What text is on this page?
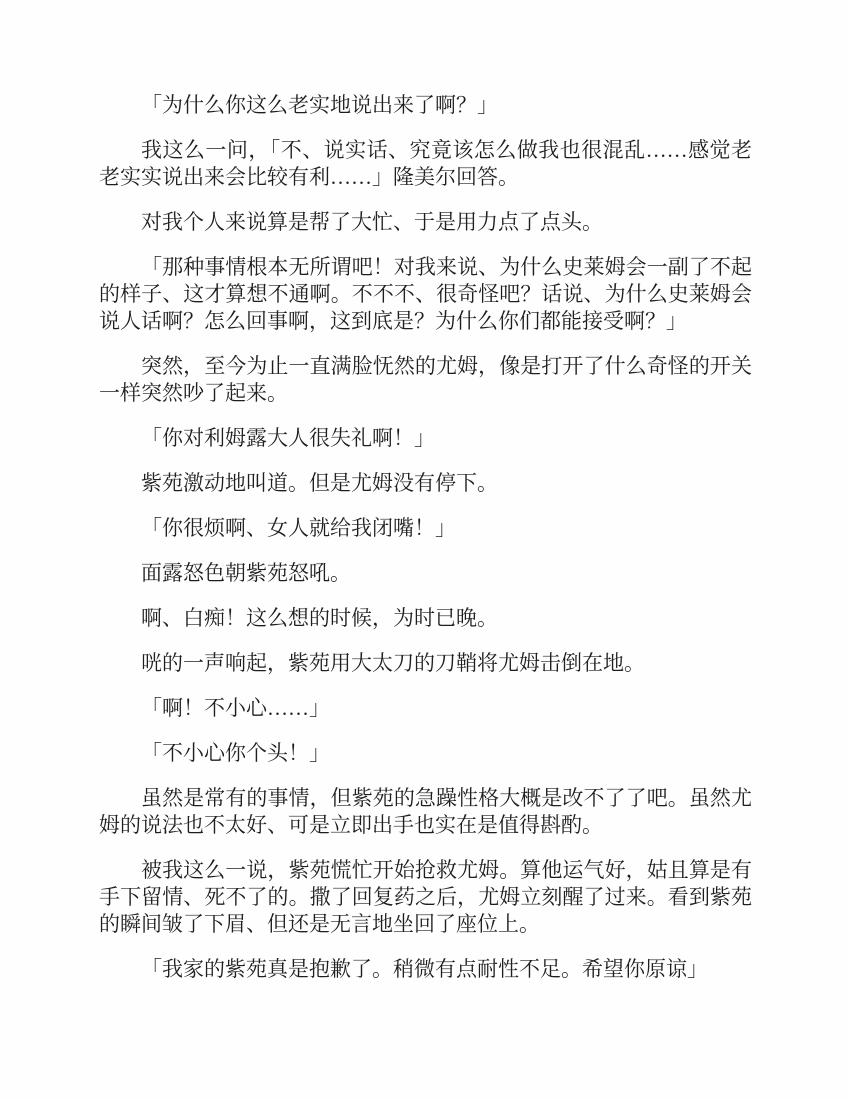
「为什么你这么老实地说出来了啊？」

我这么一问，「不、说实话、究竟该怎么做我也很混乱……感觉老老实实说出来会比较有利……」隆美尔回答。

对我个人来说算是帮了大忙、于是用力点了点头。

「那种事情根本无所谓吧！对我来说、为什么史莱姆会一副了不起的样子、这才算想不通啊。不不不、很奇怪吧？话说、为什么史莱姆会说人话啊？怎么回事啊，这到底是？为什么你们都能接受啊？」

突然，至今为止一直满脸怃然的尤姆，像是打开了什么奇怪的开关一样突然吵了起来。

「你对利姆露大人很失礼啊！」

紫苑激动地叫道。但是尤姆没有停下。

「你很烦啊、女人就给我闭嘴！」

面露怒色朝紫苑怒吼。

啊、白痴！这么想的时候，为时已晚。

咣的一声响起，紫苑用大太刀的刀鞘将尤姆击倒在地。

「啊！不小心……」

「不小心你个头！」

虽然是常有的事情，但紫苑的急躁性格大概是改不了了吧。虽然尤姆的说法也不太好、可是立即出手也实在是值得斟酌。

被我这么一说，紫苑慌忙开始抢救尤姆。算他运气好，姑且算是有手下留情、死不了的。撒了回复药之后，尤姆立刻醒了过来。看到紫苑的瞬间皱了下眉、但还是无言地坐回了座位上。

「我家的紫苑真是抱歉了。稍微有点耐性不足。希望你原谅」
